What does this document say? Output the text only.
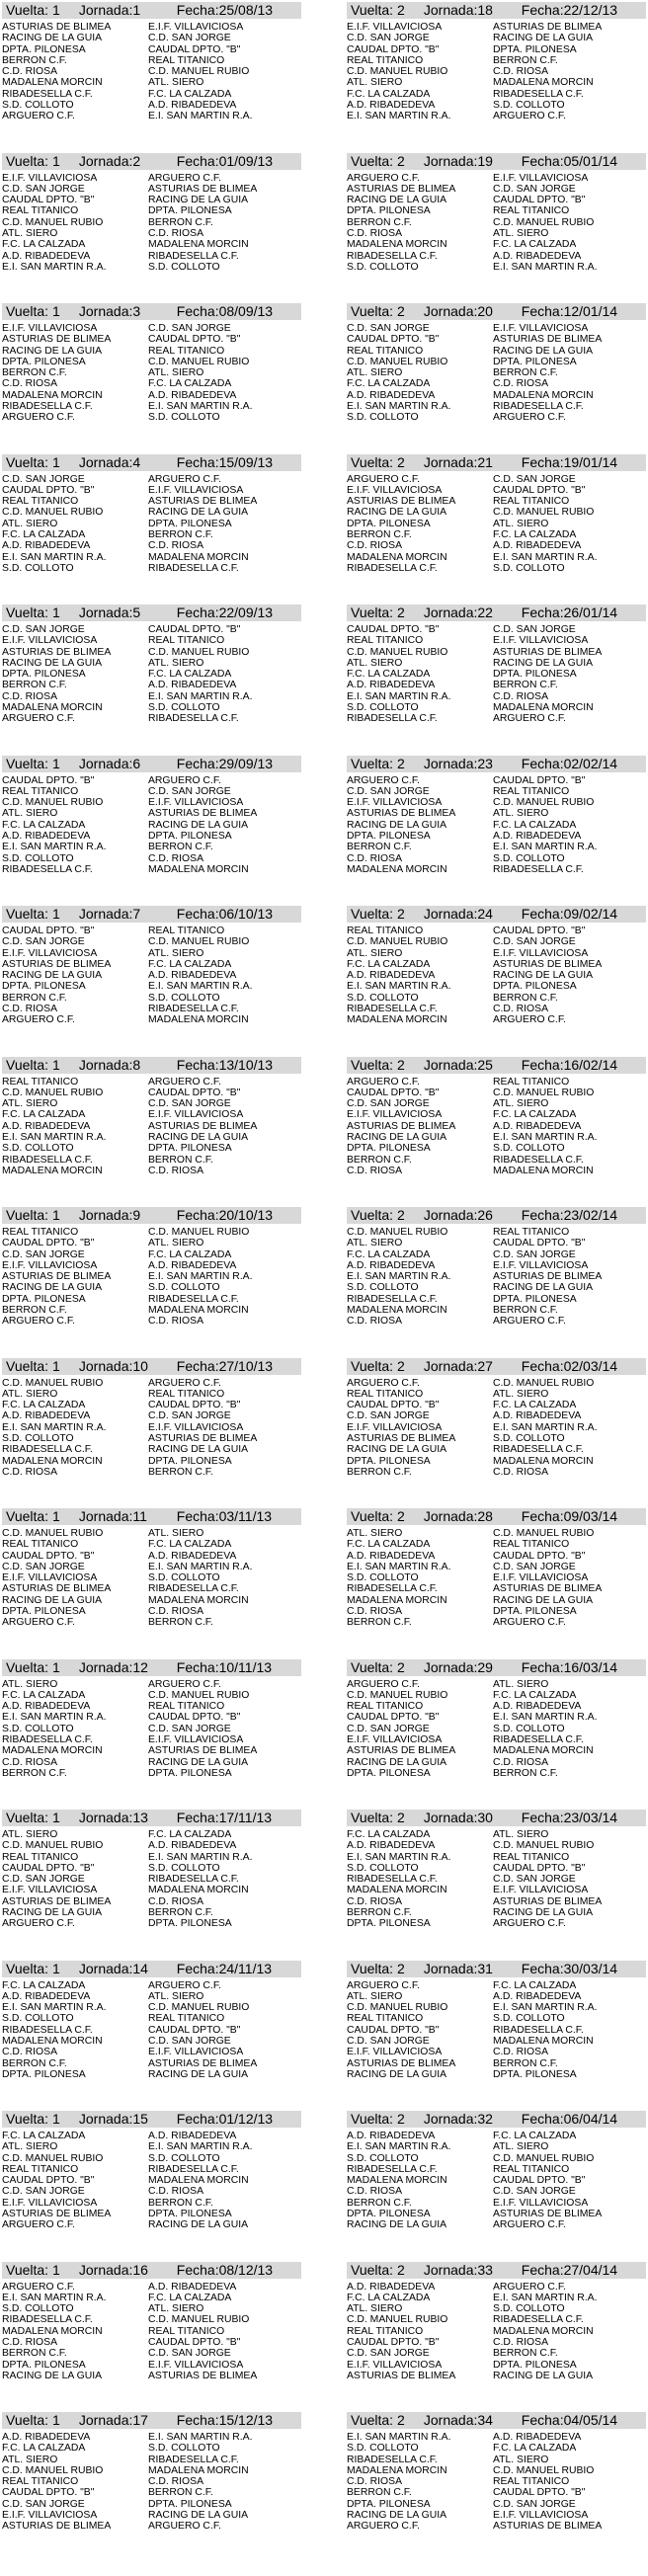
Vuelta: 1 Jornada:1	Fecha:25/08/13
ASTURIAS DE BLIMEA	E.I.F. VILLAVICIOSA
RACING DE LA GUIA	C.D. SAN JORGE
DPTA. PILOÑESA	CAUDAL DPTO. "B"
BERRON C.F.	REAL TITANICO
C.D. RIOSA	C.D. MANUEL RUBIO
MADALENA MORCIN	ATL. SIERO
RIBADESELLA C.F.	F.C. LA CALZADA
S.D. COLLOTO	A.D. RIBADEDEVA
ARGUERO C.F.	E.I. SAN MARTIN R.A.
Vuelta: 1 Jornada:2	Fecha:01/09/13
E.I.F. VILLAVICIOSA	ARGUERO C.F.
C.D. SAN JORGE	ASTURIAS DE BLIMEA
CAUDAL DPTO. "B"	RACING DE LA GUIA
REAL TITANICO	DPTA. PILOÑESA
C.D. MANUEL RUBIO	BERRON C.F.
ATL. SIERO	C.D. RIOSA
F.C. LA CALZADA	MADALENA MORCIN
A.D. RIBADEDEVA	RIBADESELLA C.F.
E.I. SAN MARTIN R.A.	S.D. COLLOTO
Vuelta: 1 Jornada:3	Fecha:08/09/13
E.I.F. VILLAVICIOSA	C.D. SAN JORGE
ASTURIAS DE BLIMEA	CAUDAL DPTO. "B"
RACING DE LA GUIA	REAL TITANICO
DPTA. PILOÑESA	C.D. MANUEL RUBIO
BERRON C.F.	ATL. SIERO
C.D. RIOSA	F.C. LA CALZADA
MADALENA MORCIN	A.D. RIBADEDEVA
RIBADESELLA C.F.	E.I. SAN MARTIN R.A.
ARGUERO C.F.	S.D. COLLOTO
Vuelta: 1 Jornada:4	Fecha:15/09/13
C.D. SAN JORGE	ARGUERO C.F.
CAUDAL DPTO. "B"	E.I.F. VILLAVICIOSA
REAL TITANICO	ASTURIAS DE BLIMEA
C.D. MANUEL RUBIO	RACING DE LA GUIA
ATL. SIERO	DPTA. PILOÑESA
F.C. LA CALZADA	BERRON C.F.
A.D. RIBADEDEVA	C.D. RIOSA
E.I. SAN MARTIN R.A.	MADALENA MORCIN
S.D. COLLOTO	RIBADESELLA C.F.
Vuelta: 1 Jornada:5	Fecha:22/09/13
C.D. SAN JORGE	CAUDAL DPTO. "B"
E.I.F. VILLAVICIOSA	REAL TITANICO
ASTURIAS DE BLIMEA	C.D. MANUEL RUBIO
RACING DE LA GUIA	ATL. SIERO
DPTA. PILOÑESA	F.C. LA CALZADA
BERRON C.F.	A.D. RIBADEDEVA
C.D. RIOSA	E.I. SAN MARTIN R.A.
MADALENA MORCIN	S.D. COLLOTO
ARGUERO C.F.	RIBADESELLA C.F.
Vuelta: 1 Jornada:6	Fecha:29/09/13
CAUDAL DPTO. "B"	ARGUERO C.F.
REAL TITANICO	C.D. SAN JORGE
C.D. MANUEL RUBIO	E.I.F. VILLAVICIOSA
ATL. SIERO	ASTURIAS DE BLIMEA
F.C. LA CALZADA	RACING DE LA GUIA
A.D. RIBADEDEVA	DPTA. PILOÑESA
E.I. SAN MARTIN R.A.	BERRON C.F.
S.D. COLLOTO	C.D. RIOSA
RIBADESELLA C.F.	MADALENA MORCIN
Vuelta: 1 Jornada:7	Fecha:06/10/13
CAUDAL DPTO. "B"	REAL TITANICO
C.D. SAN JORGE	C.D. MANUEL RUBIO
E.I.F. VILLAVICIOSA	ATL. SIERO
ASTURIAS DE BLIMEA	F.C. LA CALZADA
RACING DE LA GUIA	A.D. RIBADEDEVA
DPTA. PILOÑESA	E.I. SAN MARTIN R.A.
BERRON C.F.	S.D. COLLOTO
C.D. RIOSA	RIBADESELLA C.F.
ARGUERO C.F.	MADALENA MORCIN
Vuelta: 1 Jornada:8	Fecha:13/10/13
REAL TITANICO	ARGUERO C.F.
C.D. MANUEL RUBIO	CAUDAL DPTO. "B"
ATL. SIERO	C.D. SAN JORGE
F.C. LA CALZADA	E.I.F. VILLAVICIOSA
A.D. RIBADEDEVA	ASTURIAS DE BLIMEA
E.I. SAN MARTIN R.A.	RACING DE LA GUIA
S.D. COLLOTO	DPTA. PILOÑESA
RIBADESELLA C.F.	BERRON C.F.
MADALENA MORCIN	C.D. RIOSA
Vuelta: 1 Jornada:9	Fecha:20/10/13
REAL TITANICO	C.D. MANUEL RUBIO
CAUDAL DPTO. "B"	ATL. SIERO
C.D. SAN JORGE	F.C. LA CALZADA
E.I.F. VILLAVICIOSA	A.D. RIBADEDEVA
ASTURIAS DE BLIMEA	E.I. SAN MARTIN R.A.
RACING DE LA GUIA	S.D. COLLOTO
DPTA. PILOÑESA	RIBADESELLA C.F.
BERRON C.F.	MADALENA MORCIN
ARGUERO C.F.	C.D. RIOSA
Vuelta: 1 Jornada:10 Fecha:27/10/13
C.D. MANUEL RUBIO	ARGUERO C.F.
ATL. SIERO	REAL TITANICO
F.C. LA CALZADA	CAUDAL DPTO. "B"
A.D. RIBADEDEVA	C.D. SAN JORGE
E.I. SAN MARTIN R.A.	E.I.F. VILLAVICIOSA
S.D. COLLOTO	ASTURIAS DE BLIMEA
RIBADESELLA C.F.	RACING DE LA GUIA
MADALENA MORCIN	DPTA. PILOÑESA
C.D. RIOSA	BERRON C.F.
Vuelta: 1 Jornada:11 Fecha:03/11/13
C.D. MANUEL RUBIO	ATL. SIERO
REAL TITANICO	F.C. LA CALZADA
CAUDAL DPTO. "B"	A.D. RIBADEDEVA
C.D. SAN JORGE	E.I. SAN MARTIN R.A.
E.I.F. VILLAVICIOSA	S.D. COLLOTO
ASTURIAS DE BLIMEA	RIBADESELLA C.F.
RACING DE LA GUIA	MADALENA MORCIN
DPTA. PILOÑESA	C.D. RIOSA
ARGUERO C.F.	BERRON C.F.
Vuelta: 1 Jornada:12 Fecha:10/11/13
ATL. SIERO	ARGUERO C.F.
F.C. LA CALZADA	C.D. MANUEL RUBIO
A.D. RIBADEDEVA	REAL TITANICO
E.I. SAN MARTIN R.A.	CAUDAL DPTO. "B"
S.D. COLLOTO	C.D. SAN JORGE
RIBADESELLA C.F.	E.I.F. VILLAVICIOSA
MADALENA MORCIN	ASTURIAS DE BLIMEA
C.D. RIOSA	RACING DE LA GUIA
BERRON C.F.	DPTA. PILOÑESA
Vuelta: 1 Jornada:13 Fecha:17/11/13
ATL. SIERO	F.C. LA CALZADA
C.D. MANUEL RUBIO	A.D. RIBADEDEVA
REAL TITANICO	E.I. SAN MARTIN R.A.
CAUDAL DPTO. "B"	S.D. COLLOTO
C.D. SAN JORGE	RIBADESELLA C.F.
E.I.F. VILLAVICIOSA	MADALENA MORCIN
ASTURIAS DE BLIMEA	C.D. RIOSA
RACING DE LA GUIA	BERRON C.F.
ARGUERO C.F.	DPTA. PILOÑESA
Vuelta: 1 Jornada:14 Fecha:24/11/13
F.C. LA CALZADA	ARGUERO C.F.
A.D. RIBADEDEVA	ATL. SIERO
E.I. SAN MARTIN R.A.	C.D. MANUEL RUBIO
S.D. COLLOTO	REAL TITANICO
RIBADESELLA C.F.	CAUDAL DPTO. "B"
MADALENA MORCIN	C.D. SAN JORGE
C.D. RIOSA	E.I.F. VILLAVICIOSA
BERRON C.F.	ASTURIAS DE BLIMEA
DPTA. PILOÑESA	RACING DE LA GUIA
Vuelta: 1 Jornada:15 Fecha:01/12/13
F.C. LA CALZADA	A.D. RIBADEDEVA
ATL. SIERO	E.I. SAN MARTIN R.A.
C.D. MANUEL RUBIO	S.D. COLLOTO
REAL TITANICO	RIBADESELLA C.F.
CAUDAL DPTO. "B"	MADALENA MORCIN
C.D. SAN JORGE	C.D. RIOSA
E.I.F. VILLAVICIOSA	BERRON C.F.
ASTURIAS DE BLIMEA	DPTA. PILOÑESA
ARGUERO C.F.	RACING DE LA GUIA
Vuelta: 1 Jornada:16 Fecha:08/12/13
ARGUERO C.F.	A.D. RIBADEDEVA
E.I. SAN MARTIN R.A.	F.C. LA CALZADA
S.D. COLLOTO	ATL. SIERO
RIBADESELLA C.F.	C.D. MANUEL RUBIO
MADALENA MORCIN	REAL TITANICO
C.D. RIOSA	CAUDAL DPTO. "B"
BERRON C.F.	C.D. SAN JORGE
DPTA. PILOÑESA	E.I.F. VILLAVICIOSA
RACING DE LA GUIA	ASTURIAS DE BLIMEA
Vuelta: 1 Jornada:17 Fecha:15/12/13
A.D. RIBADEDEVA	E.I. SAN MARTIN R.A.
F.C. LA CALZADA	S.D. COLLOTO
ATL. SIERO	RIBADESELLA C.F.
C.D. MANUEL RUBIO	MADALENA MORCIN
REAL TITANICO	C.D. RIOSA
CAUDAL DPTO. "B"	BERRON C.F.
C.D. SAN JORGE	DPTA. PILOÑESA
E.I.F. VILLAVICIOSA	RACING DE LA GUIA
ASTURIAS DE BLIMEA	ARGUERO C.F.
Vuelta: 2 Jornada:18 Fecha:22/12/13
E.I.F. VILLAVICIOSA	ASTURIAS DE BLIMEA
C.D. SAN JORGE	RACING DE LA GUIA
CAUDAL DPTO. "B"	DPTA. PILOÑESA
REAL TITANICO	BERRON C.F.
C.D. MANUEL RUBIO	C.D. RIOSA
ATL. SIERO	MADALENA MORCIN
F.C. LA CALZADA	RIBADESELLA C.F.
A.D. RIBADEDEVA	S.D. COLLOTO
E.I. SAN MARTIN R.A.	ARGUERO C.F.
Vuelta: 2 Jornada:19 Fecha:05/01/14
ARGUERO C.F.	E.I.F. VILLAVICIOSA
ASTURIAS DE BLIMEA	C.D. SAN JORGE
RACING DE LA GUIA	CAUDAL DPTO. "B"
DPTA. PILOÑESA	REAL TITANICO
BERRON C.F.	C.D. MANUEL RUBIO
C.D. RIOSA	ATL. SIERO
MADALENA MORCIN	F.C. LA CALZADA
RIBADESELLA C.F.	A.D. RIBADEDEVA
S.D. COLLOTO	E.I. SAN MARTIN R.A.
Vuelta: 2 Jornada:20 Fecha:12/01/14
C.D. SAN JORGE	E.I.F. VILLAVICIOSA
CAUDAL DPTO. "B"	ASTURIAS DE BLIMEA
REAL TITANICO	RACING DE LA GUIA
C.D. MANUEL RUBIO	DPTA. PILOÑESA
ATL. SIERO	BERRON C.F.
F.C. LA CALZADA	C.D. RIOSA
A.D. RIBADEDEVA	MADALENA MORCIN
E.I. SAN MARTIN R.A.	RIBADESELLA C.F.
S.D. COLLOTO	ARGUERO C.F.
Vuelta: 2 Jornada:21 Fecha:19/01/14
ARGUERO C.F.	C.D. SAN JORGE
E.I.F. VILLAVICIOSA	CAUDAL DPTO. "B"
ASTURIAS DE BLIMEA	REAL TITANICO
RACING DE LA GUIA	C.D. MANUEL RUBIO
DPTA. PILOÑESA	ATL. SIERO
BERRON C.F.	F.C. LA CALZADA
C.D. RIOSA	A.D. RIBADEDEVA
MADALENA MORCIN	E.I. SAN MARTIN R.A.
RIBADESELLA C.F.	S.D. COLLOTO
Vuelta: 2 Jornada:22 Fecha:26/01/14
CAUDAL DPTO. "B"	C.D. SAN JORGE
REAL TITANICO	E.I.F. VILLAVICIOSA
C.D. MANUEL RUBIO	ASTURIAS DE BLIMEA
ATL. SIERO	RACING DE LA GUIA
F.C. LA CALZADA	DPTA. PILOÑESA
A.D. RIBADEDEVA	BERRON C.F.
E.I. SAN MARTIN R.A.	C.D. RIOSA
S.D. COLLOTO	MADALENA MORCIN
RIBADESELLA C.F.	ARGUERO C.F.
Vuelta: 2 Jornada:23 Fecha:02/02/14
ARGUERO C.F.	CAUDAL DPTO. "B"
C.D. SAN JORGE	REAL TITANICO
E.I.F. VILLAVICIOSA	C.D. MANUEL RUBIO
ASTURIAS DE BLIMEA	ATL. SIERO
RACING DE LA GUIA	F.C. LA CALZADA
DPTA. PILOÑESA	A.D. RIBADEDEVA
BERRON C.F.	E.I. SAN MARTIN R.A.
C.D. RIOSA	S.D. COLLOTO
MADALENA MORCIN	RIBADESELLA C.F.
Vuelta: 2 Jornada:24 Fecha:09/02/14
REAL TITANICO	CAUDAL DPTO. "B"
C.D. MANUEL RUBIO	C.D. SAN JORGE
ATL. SIERO	E.I.F. VILLAVICIOSA
F.C. LA CALZADA	ASTURIAS DE BLIMEA
A.D. RIBADEDEVA	RACING DE LA GUIA
E.I. SAN MARTIN R.A.	DPTA. PILOÑESA
S.D. COLLOTO	BERRON C.F.
RIBADESELLA C.F.	C.D. RIOSA
MADALENA MORCIN	ARGUERO C.F.
Vuelta: 2 Jornada:25 Fecha:16/02/14
ARGUERO C.F.	REAL TITANICO
CAUDAL DPTO. "B"	C.D. MANUEL RUBIO
C.D. SAN JORGE	ATL. SIERO
E.I.F. VILLAVICIOSA	F.C. LA CALZADA
ASTURIAS DE BLIMEA	A.D. RIBADEDEVA
RACING DE LA GUIA	E.I. SAN MARTIN R.A.
DPTA. PILOÑESA	S.D. COLLOTO
BERRON C.F.	RIBADESELLA C.F.
C.D. RIOSA	MADALENA MORCIN
Vuelta: 2 Jornada:26 Fecha:23/02/14
C.D. MANUEL RUBIO	REAL TITANICO
ATL. SIERO	CAUDAL DPTO. "B"
F.C. LA CALZADA	C.D. SAN JORGE
A.D. RIBADEDEVA	E.I.F. VILLAVICIOSA
E.I. SAN MARTIN R.A.	ASTURIAS DE BLIMEA
S.D. COLLOTO	RACING DE LA GUIA
RIBADESELLA C.F.	DPTA. PILOÑESA
MADALENA MORCIN	BERRON C.F.
C.D. RIOSA	ARGUERO C.F.
Vuelta: 2 Jornada:27 Fecha:02/03/14
ARGUERO C.F.	C.D. MANUEL RUBIO
REAL TITANICO	ATL. SIERO
CAUDAL DPTO. "B"	F.C. LA CALZADA
C.D. SAN JORGE	A.D. RIBADEDEVA
E.I.F. VILLAVICIOSA	E.I. SAN MARTIN R.A.
ASTURIAS DE BLIMEA	S.D. COLLOTO
RACING DE LA GUIA	RIBADESELLA C.F.
DPTA. PILOÑESA	MADALENA MORCIN
BERRON C.F.	C.D. RIOSA
Vuelta: 2 Jornada:28 Fecha:09/03/14
ATL. SIERO	C.D. MANUEL RUBIO
F.C. LA CALZADA	REAL TITANICO
A.D. RIBADEDEVA	CAUDAL DPTO. "B"
E.I. SAN MARTIN R.A.	C.D. SAN JORGE
S.D. COLLOTO	E.I.F. VILLAVICIOSA
RIBADESELLA C.F.	ASTURIAS DE BLIMEA
MADALENA MORCIN	RACING DE LA GUIA
C.D. RIOSA	DPTA. PILOÑESA
BERRON C.F.	ARGUERO C.F.
Vuelta: 2 Jornada:29 Fecha:16/03/14
ARGUERO C.F.	ATL. SIERO
C.D. MANUEL RUBIO	F.C. LA CALZADA
REAL TITANICO	A.D. RIBADEDEVA
CAUDAL DPTO. "B"	E.I. SAN MARTIN R.A.
C.D. SAN JORGE	S.D. COLLOTO
E.I.F. VILLAVICIOSA	RIBADESELLA C.F.
ASTURIAS DE BLIMEA	MADALENA MORCIN
RACING DE LA GUIA	C.D. RIOSA
DPTA. PILOÑESA	BERRON C.F.
Vuelta: 2 Jornada:30 Fecha:23/03/14
F.C. LA CALZADA	ATL. SIERO
A.D. RIBADEDEVA	C.D. MANUEL RUBIO
E.I. SAN MARTIN R.A.	REAL TITANICO
S.D. COLLOTO	CAUDAL DPTO. "B"
RIBADESELLA C.F.	C.D. SAN JORGE
MADALENA MORCIN	E.I.F. VILLAVICIOSA
C.D. RIOSA	ASTURIAS DE BLIMEA
BERRON C.F.	RACING DE LA GUIA
DPTA. PILOÑESA	ARGUERO C.F.
Vuelta: 2 Jornada:31 Fecha:30/03/14
ARGUERO C.F.	F.C. LA CALZADA
ATL. SIERO	A.D. RIBADEDEVA
C.D. MANUEL RUBIO	E.I. SAN MARTIN R.A.
REAL TITANICO	S.D. COLLOTO
CAUDAL DPTO. "B"	RIBADESELLA C.F.
C.D. SAN JORGE	MADALENA MORCIN
E.I.F. VILLAVICIOSA	C.D. RIOSA
ASTURIAS DE BLIMEA	BERRON C.F.
RACING DE LA GUIA	DPTA. PILOÑESA
Vuelta: 2 Jornada:32 Fecha:06/04/14
A.D. RIBADEDEVA	F.C. LA CALZADA
E.I. SAN MARTIN R.A.	ATL. SIERO
S.D. COLLOTO	C.D. MANUEL RUBIO
RIBADESELLA C.F.	REAL TITANICO
MADALENA MORCIN	CAUDAL DPTO. "B"
C.D. RIOSA	C.D. SAN JORGE
BERRON C.F.	E.I.F. VILLAVICIOSA
DPTA. PILOÑESA	ASTURIAS DE BLIMEA
RACING DE LA GUIA	ARGUERO C.F.
Vuelta: 2 Jornada:33 Fecha:27/04/14
A.D. RIBADEDEVA	ARGUERO C.F.
F.C. LA CALZADA	E.I. SAN MARTIN R.A.
ATL. SIERO	S.D. COLLOTO
C.D. MANUEL RUBIO	RIBADESELLA C.F.
REAL TITANICO	MADALENA MORCIN
CAUDAL DPTO. "B"	C.D. RIOSA
C.D. SAN JORGE	BERRON C.F.
E.I.F. VILLAVICIOSA	DPTA. PILOÑESA
ASTURIAS DE BLIMEA	RACING DE LA GUIA
Vuelta: 2 Jornada:34 Fecha:04/05/14
E.I. SAN MARTIN R.A.	A.D. RIBADEDEVA
S.D. COLLOTO	F.C. LA CALZADA
RIBADESELLA C.F.	ATL. SIERO
MADALENA MORCIN	C.D. MANUEL RUBIO
C.D. RIOSA	REAL TITANICO
BERRON C.F.	CAUDAL DPTO. "B"
DPTA. PILOÑESA	C.D. SAN JORGE
RACING DE LA GUIA	E.I.F. VILLAVICIOSA
ARGUERO C.F.	ASTURIAS DE BLIMEA
